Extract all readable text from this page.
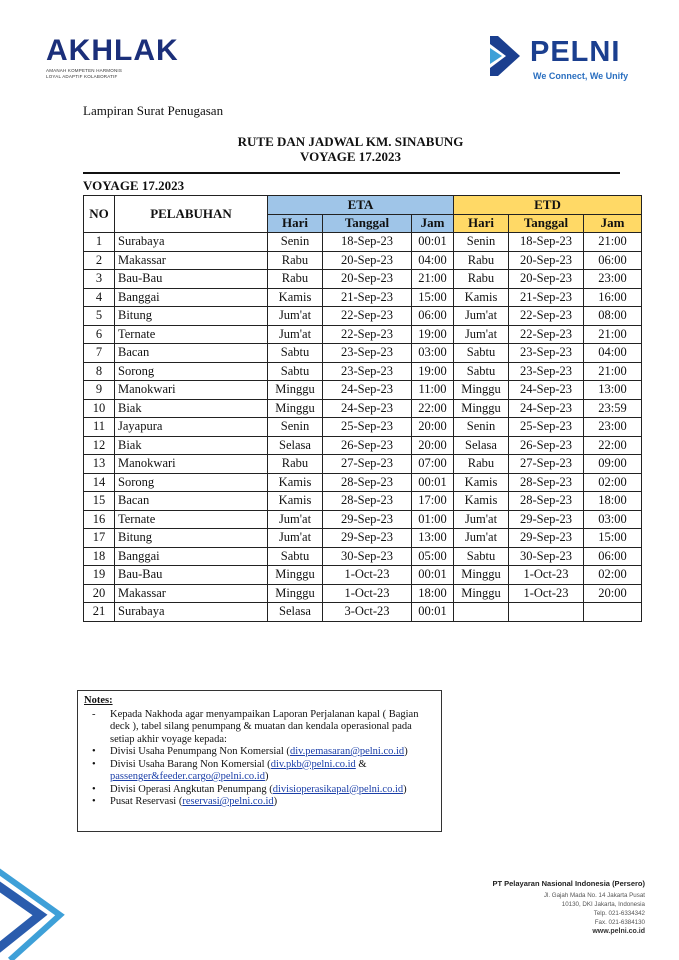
AKHLAK
AMANAH KOMPETEN HARMONIS
LOYAL ADAPTIF KOLABORATIF
PELNI
We Connect, We Unify
Lampiran Surat Penugasan
RUTE DAN JADWAL KM. SINABUNG
VOYAGE 17.2023
VOYAGE 17.2023
NO	PELABUHAN	ETA			ETD		
		Hari	Tanggal	Jam	Hari	Tanggal	Jam
1	Surabaya	Senin	18-Sep-23	00:01	Senin	18-Sep-23	21:00
2	Makassar	Rabu	20-Sep-23	04:00	Rabu	20-Sep-23	06:00
3	Bau-Bau	Rabu	20-Sep-23	21:00	Rabu	20-Sep-23	23:00
4	Banggai	Kamis	21-Sep-23	15:00	Kamis	21-Sep-23	16:00
5	Bitung	Jum'at	22-Sep-23	06:00	Jum'at	22-Sep-23	08:00
6	Ternate	Jum'at	22-Sep-23	19:00	Jum'at	22-Sep-23	21:00
7	Bacan	Sabtu	23-Sep-23	03:00	Sabtu	23-Sep-23	04:00
8	Sorong	Sabtu	23-Sep-23	19:00	Sabtu	23-Sep-23	21:00
9	Manokwari	Minggu	24-Sep-23	11:00	Minggu	24-Sep-23	13:00
10	Biak	Minggu	24-Sep-23	22:00	Minggu	24-Sep-23	23:59
11	Jayapura	Senin	25-Sep-23	20:00	Senin	25-Sep-23	23:00
12	Biak	Selasa	26-Sep-23	20:00	Selasa	26-Sep-23	22:00
13	Manokwari	Rabu	27-Sep-23	07:00	Rabu	27-Sep-23	09:00
14	Sorong	Kamis	28-Sep-23	00:01	Kamis	28-Sep-23	02:00
15	Bacan	Kamis	28-Sep-23	17:00	Kamis	28-Sep-23	18:00
16	Ternate	Jum'at	29-Sep-23	01:00	Jum'at	29-Sep-23	03:00
17	Bitung	Jum'at	29-Sep-23	13:00	Jum'at	29-Sep-23	15:00
18	Banggai	Sabtu	30-Sep-23	05:00	Sabtu	30-Sep-23	06:00
19	Bau-Bau	Minggu	1-Oct-23	00:01	Minggu	1-Oct-23	02:00
20	Makassar	Minggu	1-Oct-23	18:00	Minggu	1-Oct-23	20:00
21	Surabaya	Selasa	3-Oct-23	00:01			
Notes:
- Kepada Nakhoda agar menyampaikan Laporan Perjalanan kapal ( Bagian deck ), tabel silang penumpang & muatan dan kendala operasional pada setiap akhir voyage kepada:
• Divisi Usaha Penumpang Non Komersial (div.pemasaran@pelni.co.id)
• Divisi Usaha Barang Non Komersial (div.pkb@pelni.co.id & passenger&feeder.cargo@pelni.co.id)
• Divisi Operasi Angkutan Penumpang (divisioperasikapal@pelni.co.id)
• Pusat Reservasi (reservasi@pelni.co.id)
PT Pelayaran Nasional Indonesia (Persero)
Jl. Gajah Mada No. 14 Jakarta Pusat
10130, DKI Jakarta, Indonesia
Telp. 021-6334342
Fax. 021-6384130
www.pelni.co.id
